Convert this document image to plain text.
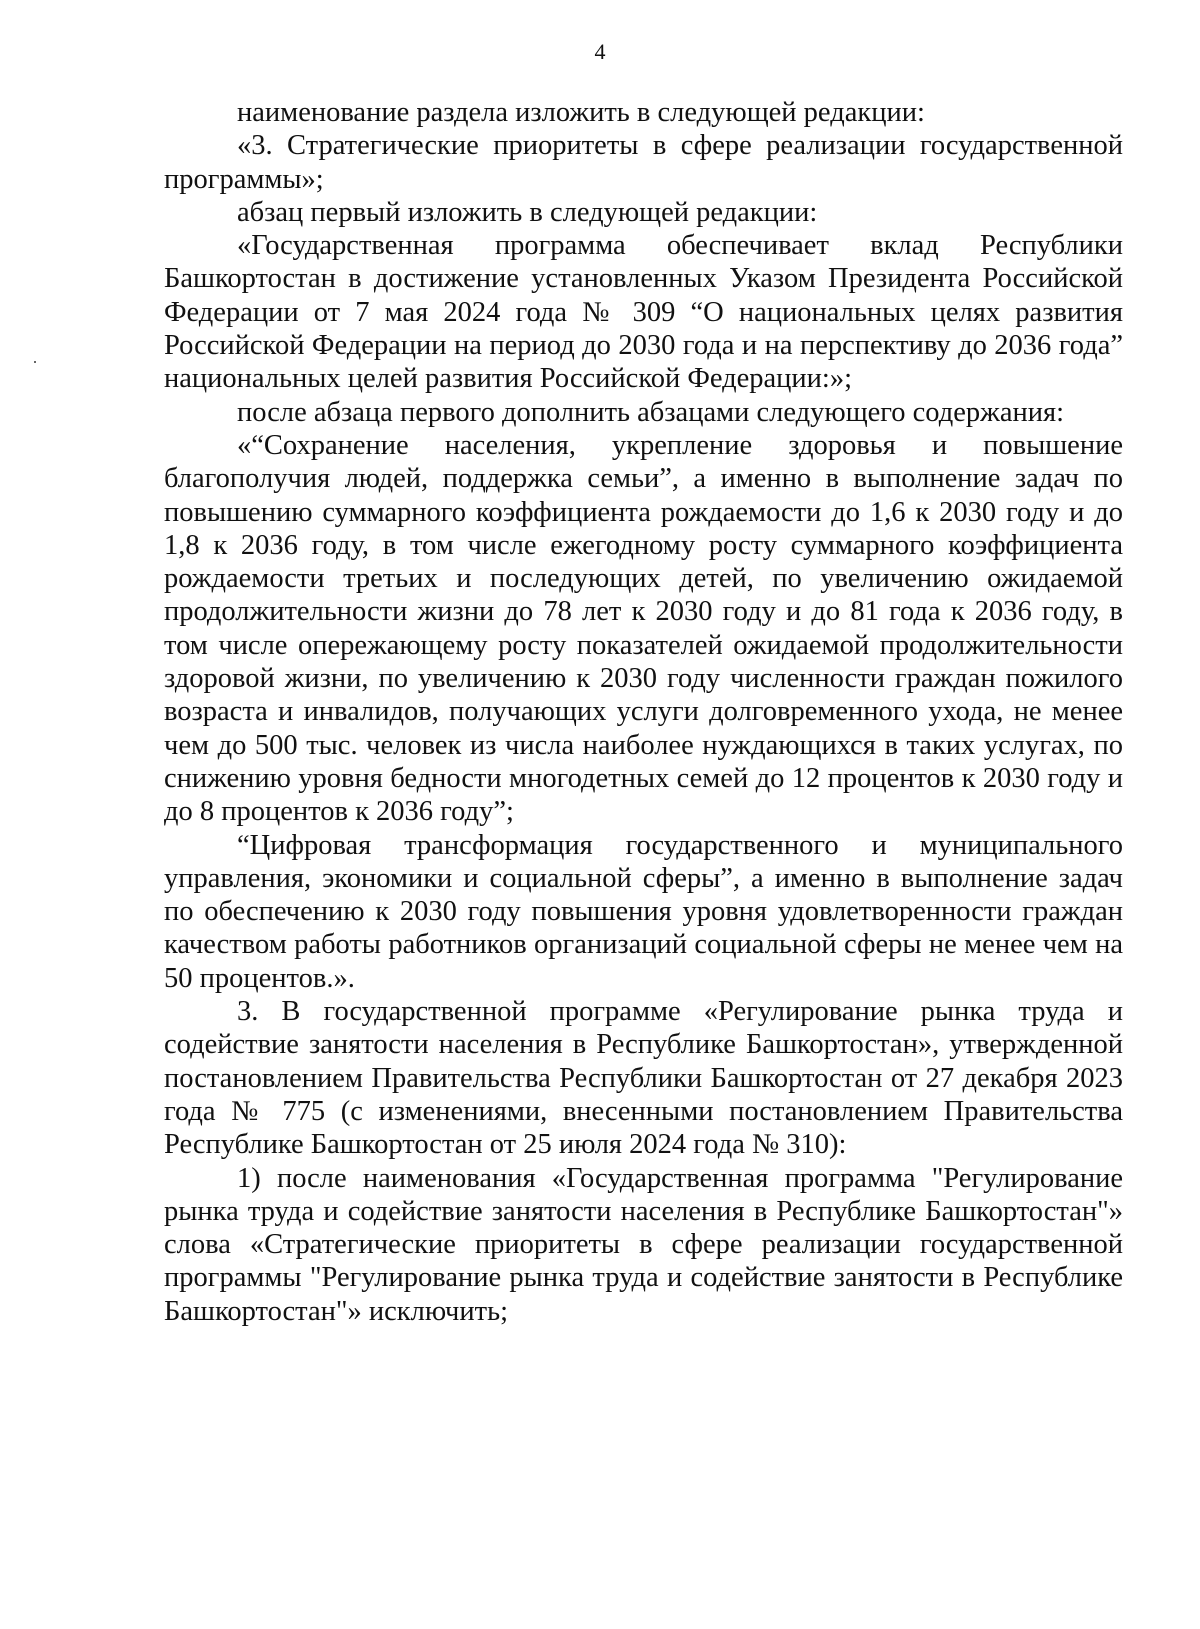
4

наименование раздела изложить в следующей редакции:

«3. Стратегические приоритеты в сфере реализации государственной программы»;

абзац первый изложить в следующей редакции:

«Государственная программа обеспечивает вклад Республики Башкортостан в достижение установленных Указом Президента Российской Федерации от 7 мая 2024 года № 309 “О национальных целях развития Российской Федерации на период до 2030 года и на перспективу до 2036 года” национальных целей развития Российской Федерации:»;

после абзаца первого дополнить абзацами следующего содержания:

«“Сохранение населения, укрепление здоровья и повышение благополучия людей, поддержка семьи”, а именно в выполнение задач по повышению суммарного коэффициента рождаемости до 1,6 к 2030 году и до 1,8 к 2036 году, в том числе ежегодному росту суммарного коэффициента рождаемости третьих и последующих детей, по увеличению ожидаемой продолжительности жизни до 78 лет к 2030 году и до 81 года к 2036 году, в том числе опережающему росту показателей ожидаемой продолжительности здоровой жизни, по увеличению к 2030 году численности граждан пожилого возраста и инвалидов, получающих услуги долговременного ухода, не менее чем до 500 тыс. человек из числа наиболее нуждающихся в таких услугах, по снижению уровня бедности многодетных семей до 12 процентов к 2030 году и до 8 процентов к 2036 году”;

“Цифровая трансформация государственного и муниципального управления, экономики и социальной сферы”, а именно в выполнение задач по обеспечению к 2030 году повышения уровня удовлетворенности граждан качеством работы работников организаций социальной сферы не менее чем на 50 процентов.».

3. В государственной программе «Регулирование рынка труда и содействие занятости населения в Республике Башкортостан», утвержденной постановлением Правительства Республики Башкортостан от 27 декабря 2023 года № 775 (с изменениями, внесенными постановлением Правительства Республике Башкортостан от 25 июля 2024 года № 310):

1) после наименования «Государственная программа "Регулирование рынка труда и содействие занятости населения в Республике Башкортостан"» слова «Стратегические приоритеты в сфере реализации государственной программы "Регулирование рынка труда и содействие занятости в Республике Башкортостан"» исключить;
